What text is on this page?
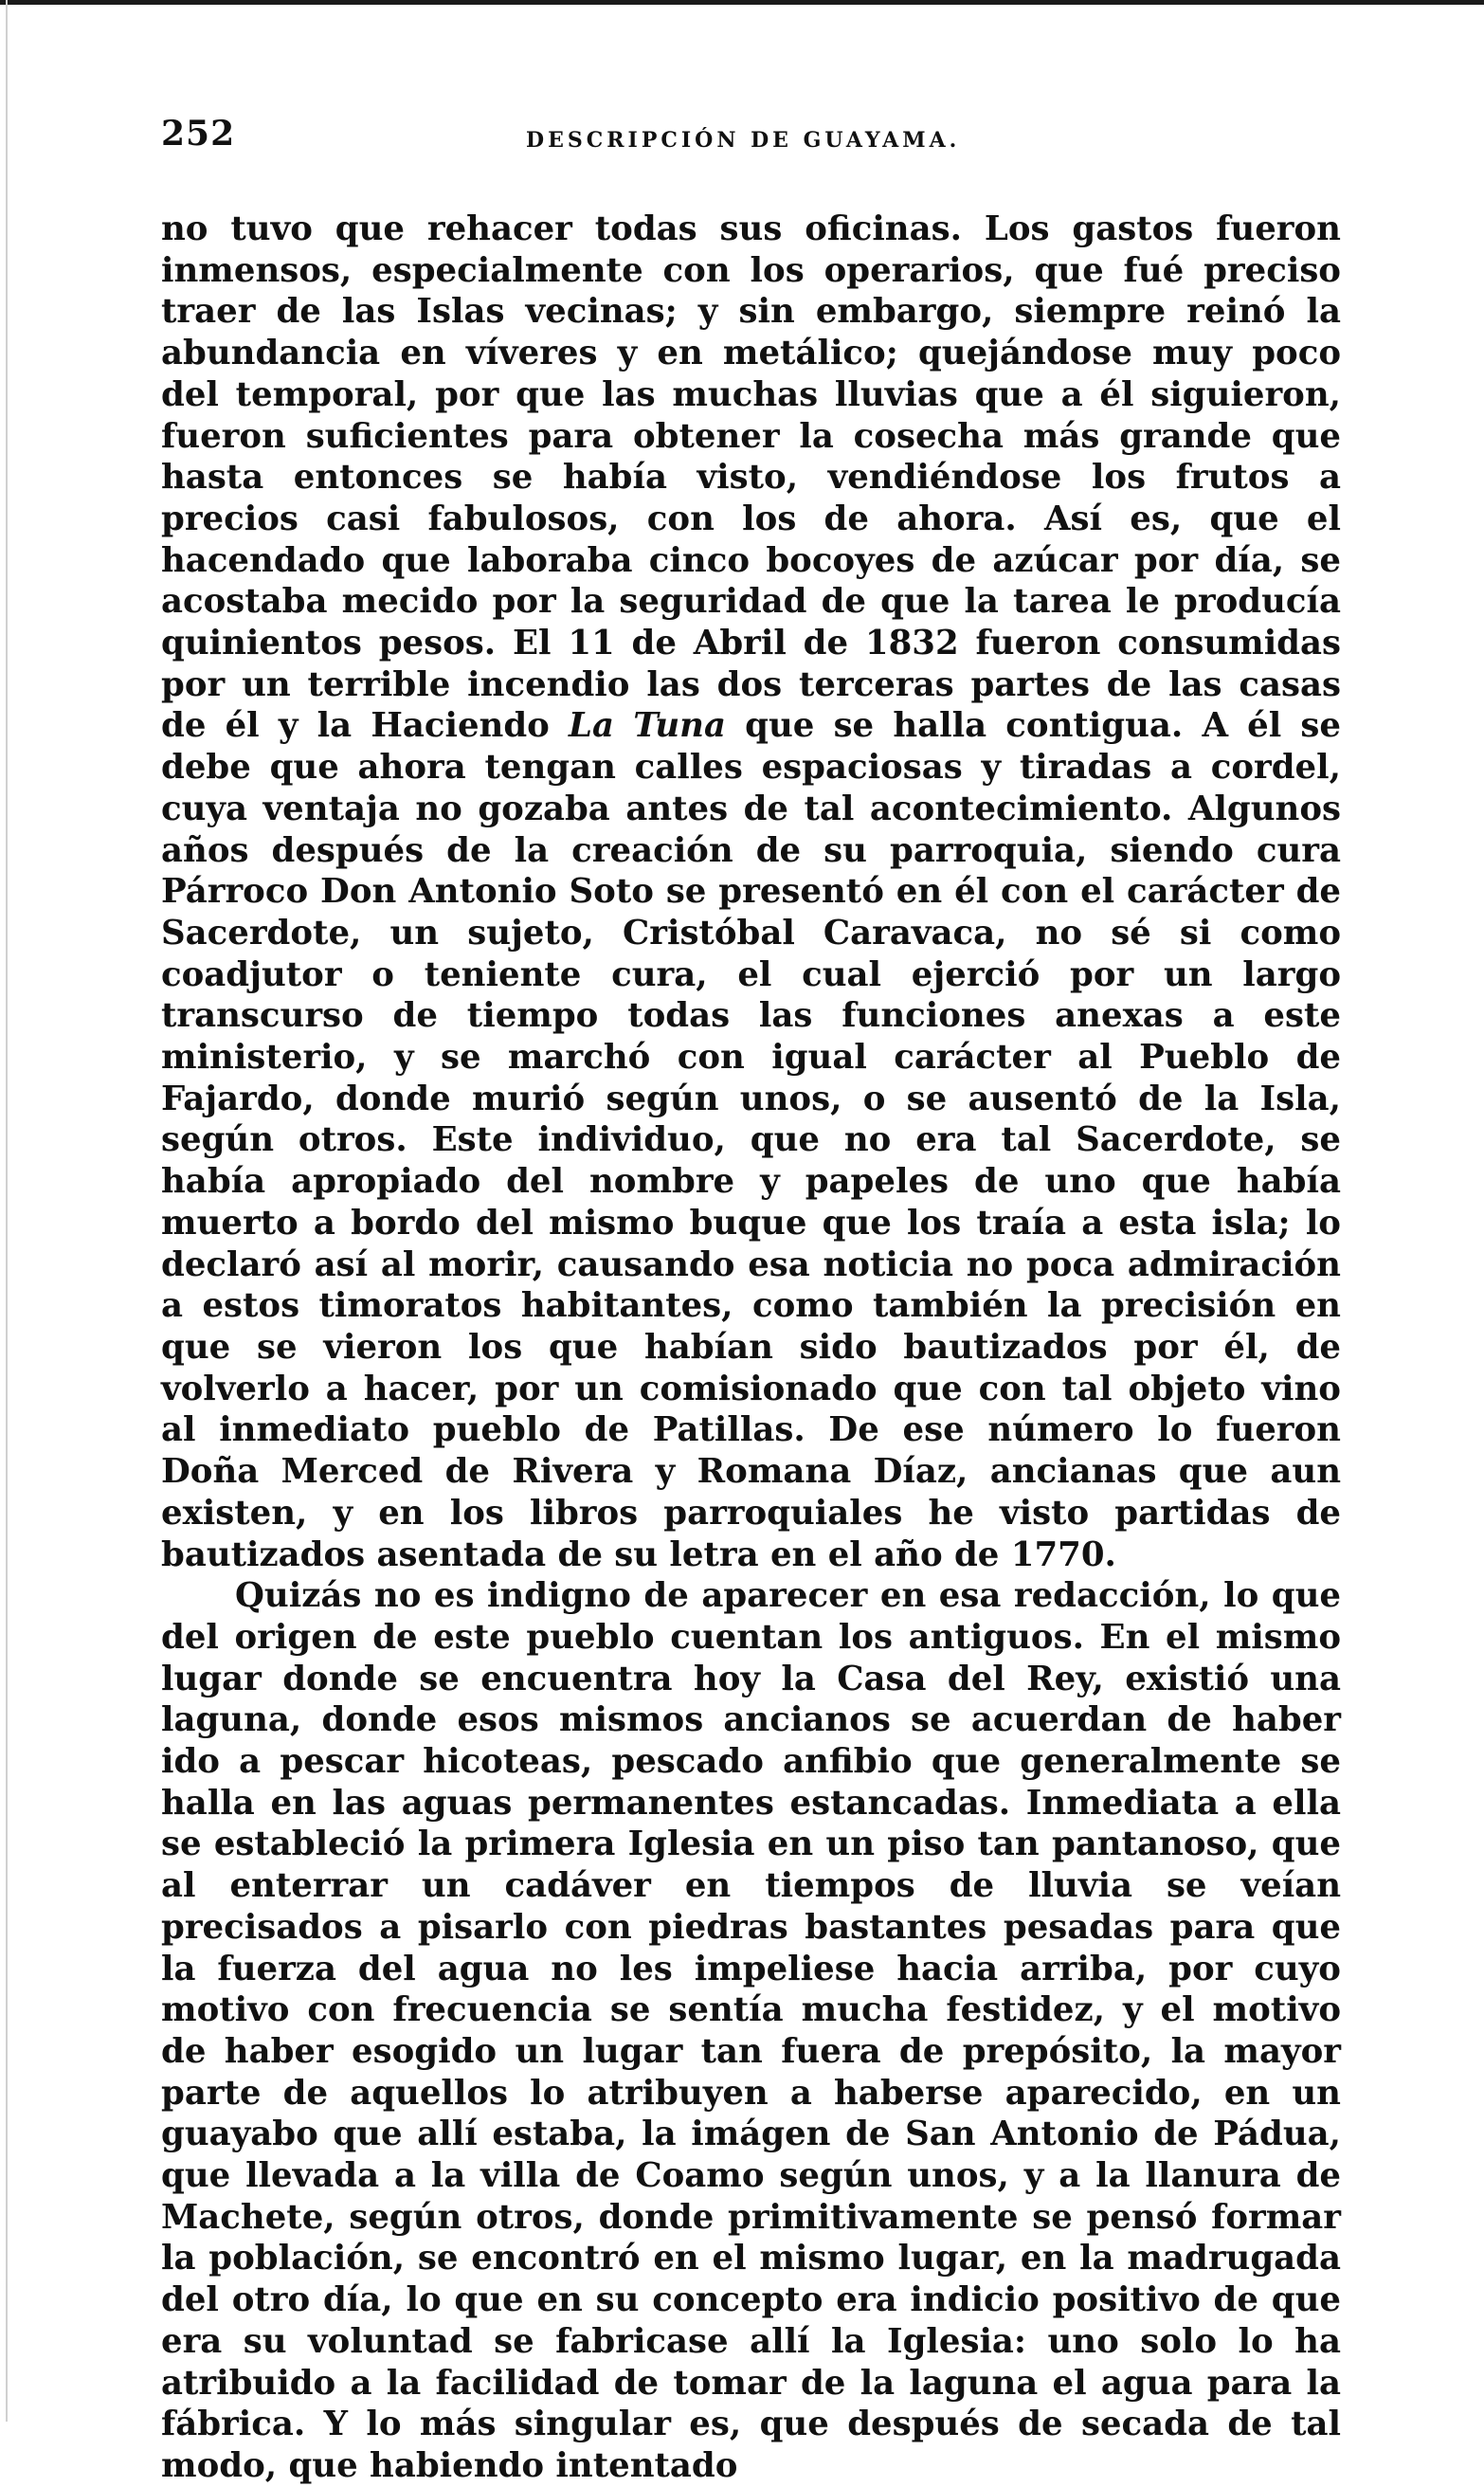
252	DESCRIPCIÓN DE GUAYAMA.

no tuvo que rehacer todas sus oficinas. Los gastos fueron inmensos, especialmente con los operarios, que fué preciso traer de las Islas vecinas; y sin embargo, siempre reinó la abundancia en víveres y en metálico; quejándose muy poco del temporal, por que las muchas lluvias que a él siguieron, fueron suficientes para obtener la cosecha más grande que hasta entonces se había visto, vendiéndose los frutos a precios casi fabulosos, con los de ahora. Así es, que el hacendado que laboraba cinco bocoyes de azúcar por día, se acostaba mecido por la seguridad de que la tarea le producía quinientos pesos. El 11 de Abril de 1832 fueron consumidas por un terrible incendio las dos terceras partes de las casas de él y la Haciendo La Tuna que se halla contigua. A él se debe que ahora tengan calles espaciosas y tiradas a cordel, cuya ventaja no gozaba antes de tal acontecimiento. Algunos años después de la creación de su parroquia, siendo cura Párroco Don Antonio Soto se presentó en él con el carácter de Sacerdote, un sujeto, Cristóbal Caravaca, no sé si como coadjutor o teniente cura, el cual ejerció por un largo transcurso de tiempo todas las funciones anexas a este ministerio, y se marchó con igual carácter al Pueblo de Fajardo, donde murió según unos, o se ausentó de la Isla, según otros. Este individuo, que no era tal Sacerdote, se había apropiado del nombre y papeles de uno que había muerto a bordo del mismo buque que los traía a esta isla; lo declaró así al morir, causando esa noticia no poca admiración a estos timoratos habitantes, como también la precisión en que se vieron los que habían sido bautizados por él, de volverlo a hacer, por un comisionado que con tal objeto vino al inmediato pueblo de Patillas. De ese número lo fueron Doña Merced de Rivera y Romana Díaz, ancianas que aun existen, y en los libros parroquiales he visto partidas de bautizados asentada de su letra en el año de 1770.

Quizás no es indigno de aparecer en esa redacción, lo que del origen de este pueblo cuentan los antiguos. En el mismo lugar donde se encuentra hoy la Casa del Rey, existió una laguna, donde esos mismos ancianos se acuerdan de haber ido a pescar hicoteas, pescado anfibio que generalmente se halla en las aguas permanentes estancadas. Inmediata a ella se estableció la primera Iglesia en un piso tan pantanoso, que al enterrar un cadáver en tiempos de lluvia se veían precisados a pisarlo con piedras bastantes pesadas para que la fuerza del agua no les impeliese hacia arriba, por cuyo motivo con frecuencia se sentía mucha festidez, y el motivo de haber esogido un lugar tan fuera de prepósito, la mayor parte de aquellos lo atribuyen a haberse aparecido, en un guayabo que allí estaba, la imágen de San Antonio de Pádua, que llevada a la villa de Coamo según unos, y a la llanura de Machete, según otros, donde primitivamente se pensó formar la población, se encontró en el mismo lugar, en la madrugada del otro día, lo que en su concepto era indicio positivo de que era su voluntad se fabricase allí la Iglesia: uno solo lo ha atribuido a la facilidad de tomar de la laguna el agua para la fábrica. Y lo más singular es, que después de secada de tal modo, que habiendo intentado
